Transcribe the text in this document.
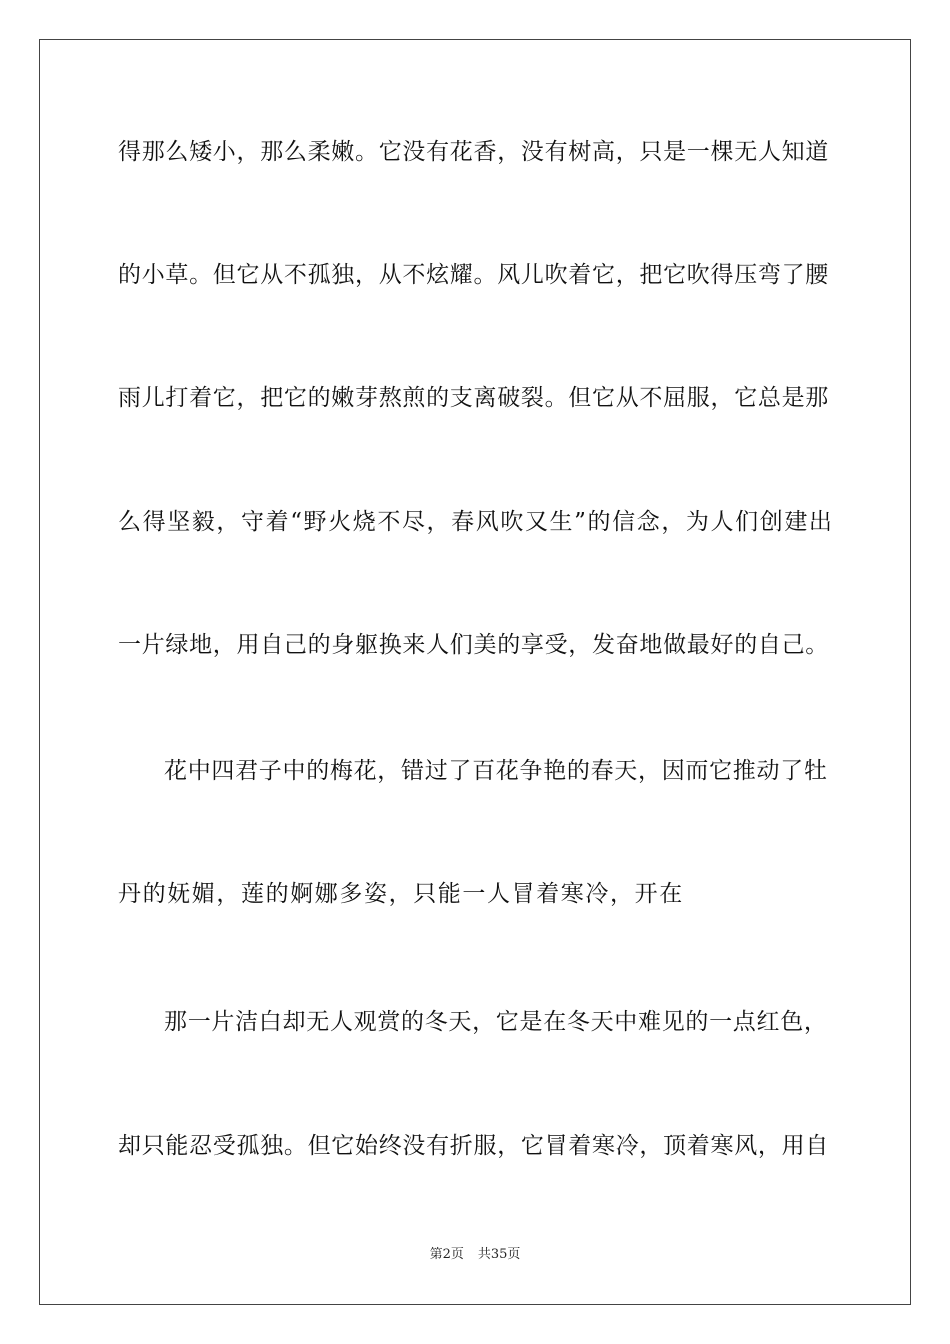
得那么矮小，那么柔嫩。它没有花香，没有树高，只是一棵无人知道
的小草。但它从不孤独，从不炫耀。风儿吹着它，把它吹得压弯了腰
雨儿打着它，把它的嫩芽熬煎的支离破裂。但它从不屈服，它总是那
么得坚毅，守着“野火烧不尽，春风吹又生”的信念，为人们创建出
一片绿地，用自己的身躯换来人们美的享受，发奋地做最好的自己。
花中四君子中的梅花，错过了百花争艳的春天，因而它推动了牡
丹的妩媚，莲的婀娜多姿，只能一人冒着寒冷，开在
那一片洁白却无人观赏的冬天，它是在冬天中难见的一点红色，
却只能忍受孤独。但它始终没有折服，它冒着寒冷，顶着寒风，用自
第2页 共35页
